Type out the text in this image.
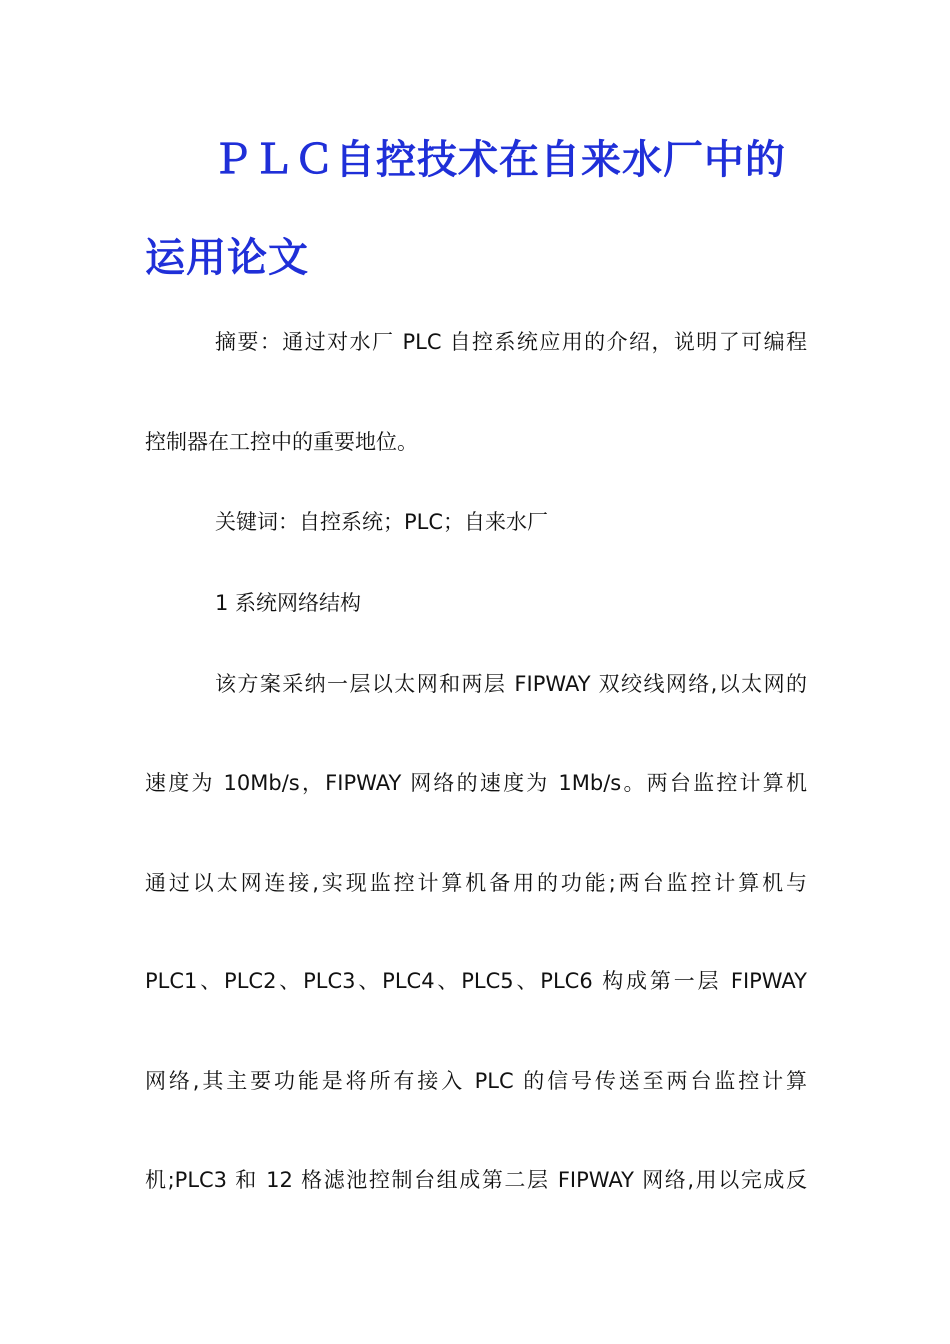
ＰＬＣ自控技术在自来水厂中的
运用论文
摘要：通过对水厂 PLC 自控系统应用的介绍，说明了可编程
控制器在工控中的重要地位。
关键词：自控系统；PLC；自来水厂
1 系统网络结构
该方案采纳一层以太网和两层 FIPWAY 双绞线网络,以太网的
速度为 10Mb/s，FIPWAY 网络的速度为 1Mb/s。两台监控计算机
通过以太网连接,实现监控计算机备用的功能;两台监控计算机与
PLC1、PLC2、PLC3、PLC4、PLC5、PLC6 构成第一层 FIPWAY
网络,其主要功能是将所有接入 PLC 的信号传送至两台监控计算
机;PLC3 和 12 格滤池控制台组成第二层 FIPWAY 网络,用以完成反
